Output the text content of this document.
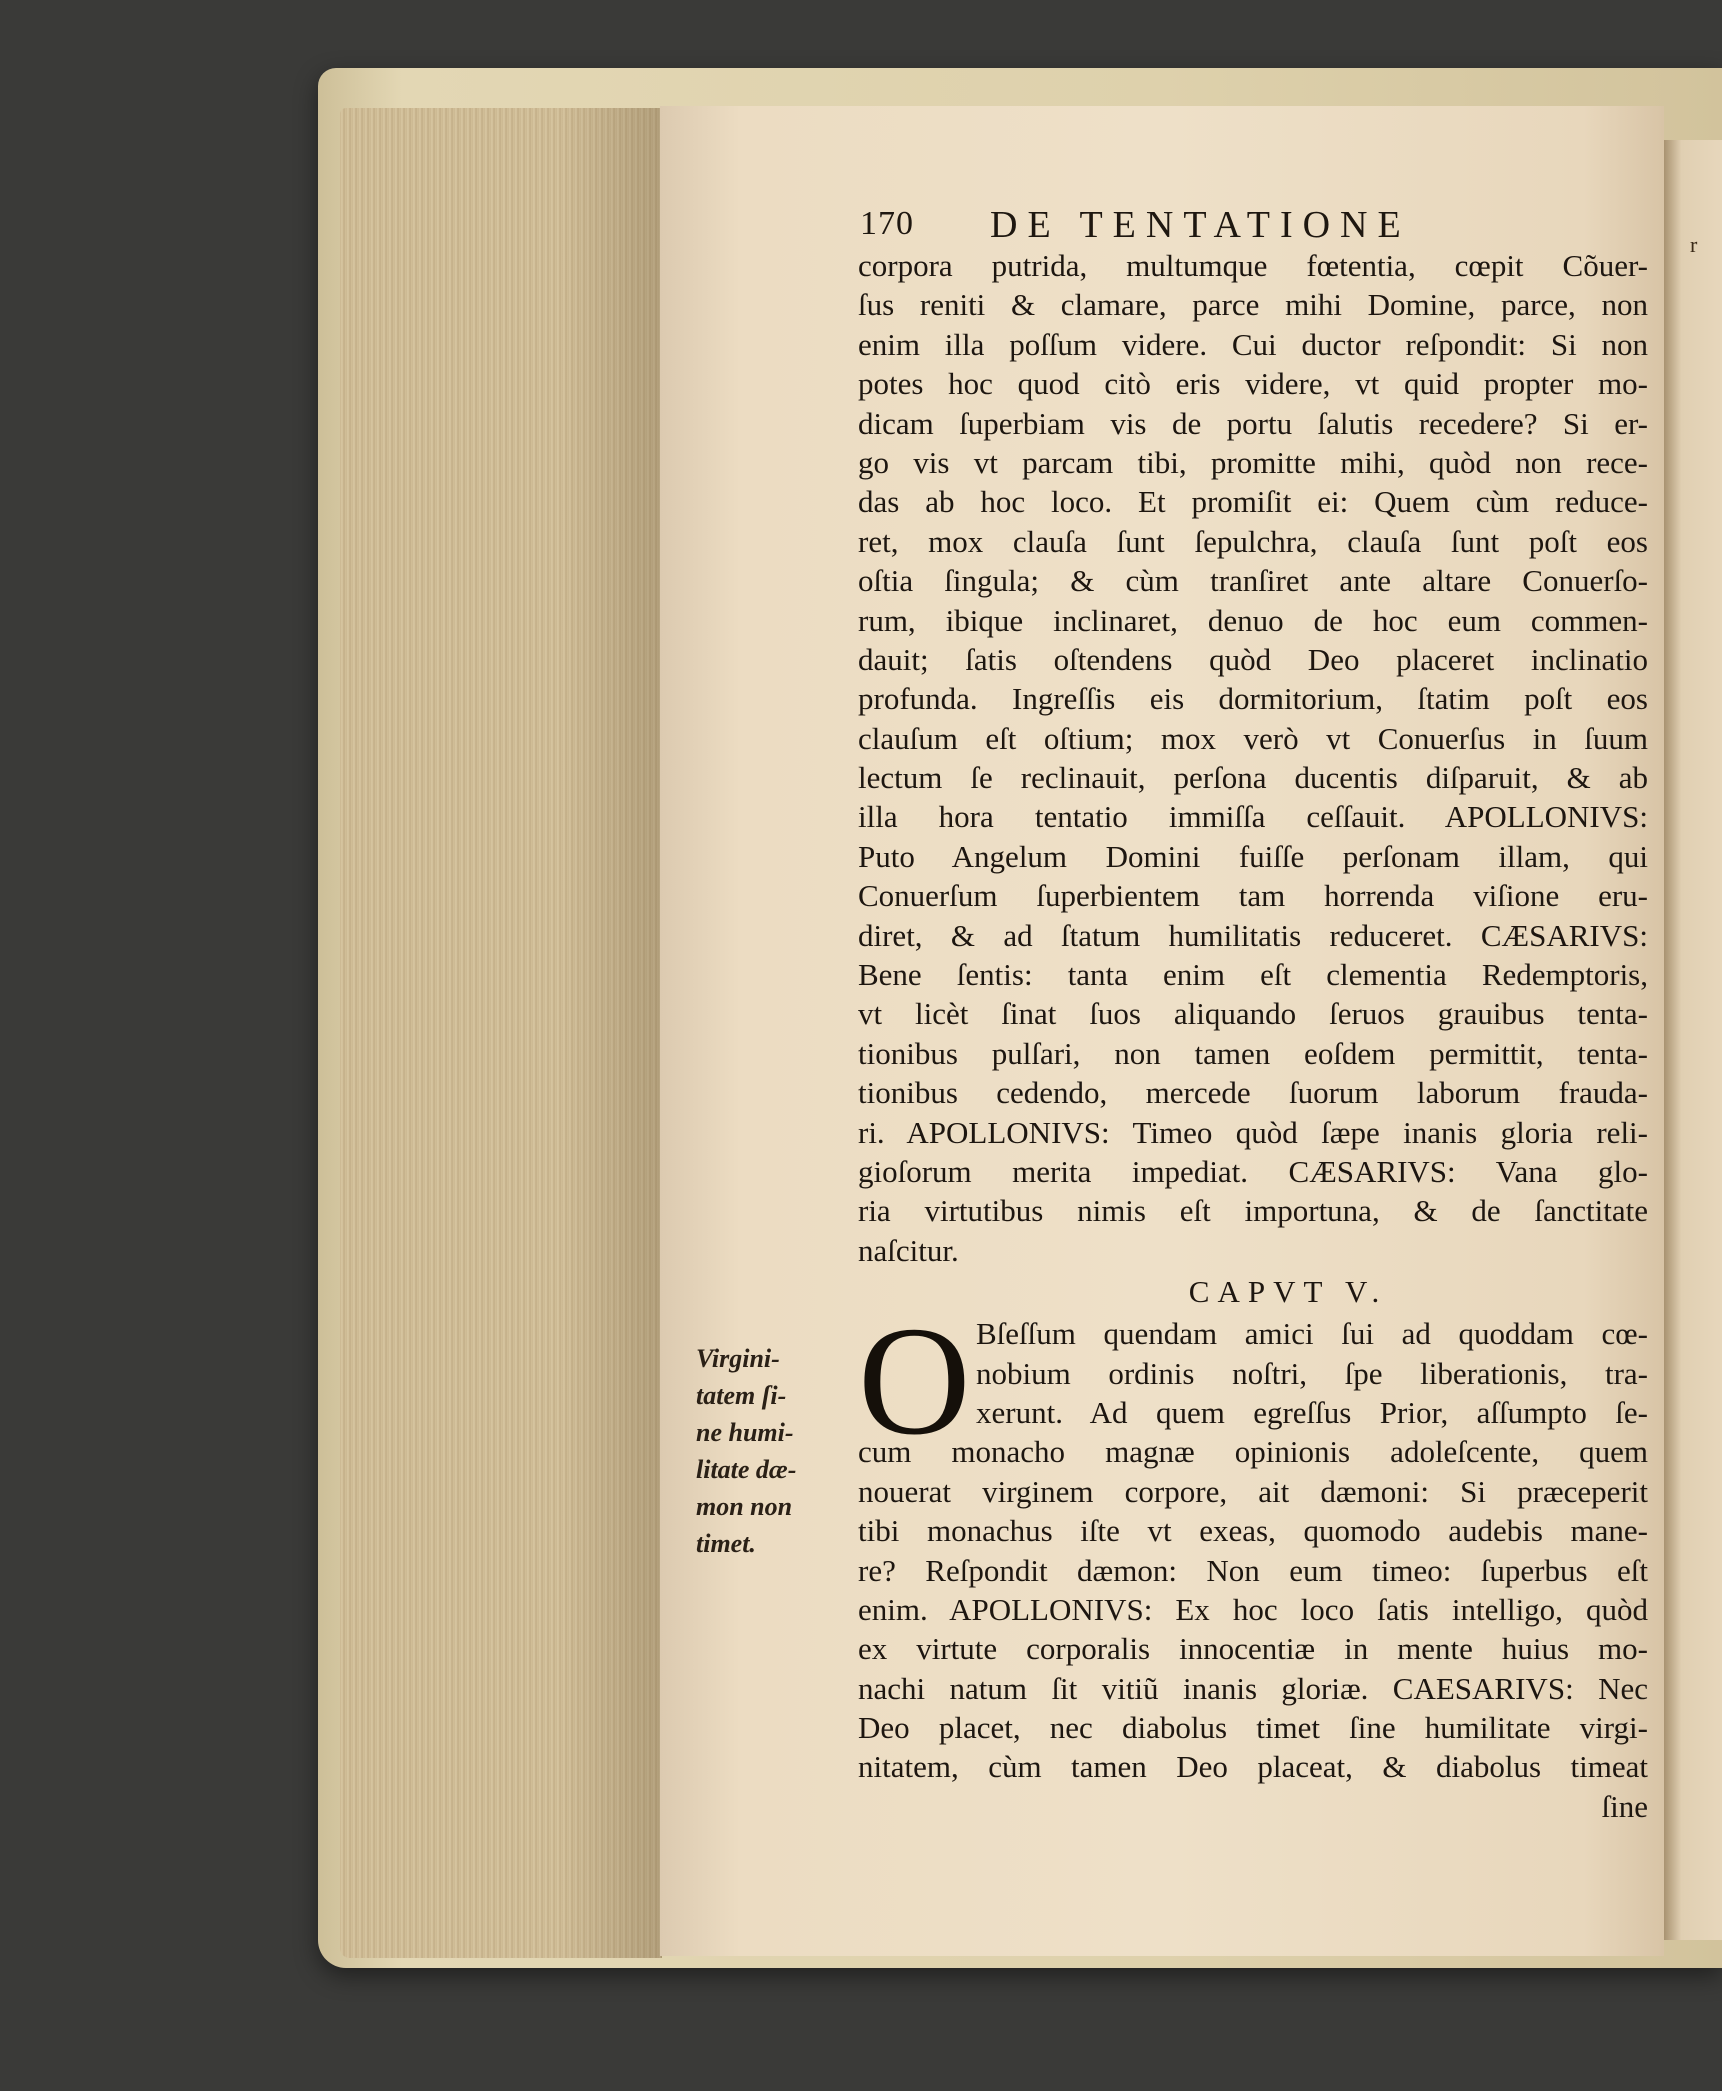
r
170 DE TENTATIONE
corpora putrida, multumque fœtentia, cœpit Cõuer-
ſus reniti & clamare, parce mihi Domine, parce, non
enim illa poſſum videre. Cui ductor reſpondit: Si non
potes hoc quod citò eris videre, vt quid propter mo-
dicam ſuperbiam vis de portu ſalutis recedere? Si er-
go vis vt parcam tibi, promitte mihi, quòd non rece-
das ab hoc loco. Et promiſit ei: Quem cùm reduce-
ret, mox clauſa ſunt ſepulchra, clauſa ſunt poſt eos
oſtia ſingula; & cùm tranſiret ante altare Conuerſo-
rum, ibique inclinaret, denuo de hoc eum commen-
dauit; ſatis oſtendens quòd Deo placeret inclinatio
profunda. Ingreſſis eis dormitorium, ſtatim poſt eos
clauſum eſt oſtium; mox verò vt Conuerſus in ſuum
lectum ſe reclinauit, perſona ducentis diſparuit, & ab
illa hora tentatio immiſſa ceſſauit. APOLLONIVS:
Puto Angelum Domini fuiſſe perſonam illam, qui
Conuerſum ſuperbientem tam horrenda viſione eru-
diret, & ad ſtatum humilitatis reduceret. CÆSARIVS:
Bene ſentis: tanta enim eſt clementia Redemptoris,
vt licèt ſinat ſuos aliquando ſeruos grauibus tenta-
tionibus pulſari, non tamen eoſdem permittit, tenta-
tionibus cedendo, mercede ſuorum laborum frauda-
ri. APOLLONIVS: Timeo quòd ſæpe inanis gloria reli-
gioſorum merita impediat. CÆSARIVS: Vana glo-
ria virtutibus nimis eſt importuna, & de ſanctitate
naſcitur.
CAPVT V.
O Bſeſſum quendam amici ſui ad quoddam cœ-
nobium ordinis noſtri, ſpe liberationis, tra-
xerunt. Ad quem egreſſus Prior, aſſumpto ſe-
cum monacho magnæ opinionis adoleſcente, quem
nouerat virginem corpore, ait dæmoni: Si præceperit
tibi monachus iſte vt exeas, quomodo audebis mane-
re? Reſpondit dæmon: Non eum timeo: ſuperbus eſt
enim. APOLLONIVS: Ex hoc loco ſatis intelligo, quòd
ex virtute corporalis innocentiæ in mente huius mo-
nachi natum ſit vitiũ inanis gloriæ. CAESARIVS: Nec
Deo placet, nec diabolus timet ſine humilitate virgi-
nitatem, cùm tamen Deo placeat, & diabolus timeat
ſine
Virgini-
tatem ſi-
ne humi-
litate dæ-
mon non
timet.
